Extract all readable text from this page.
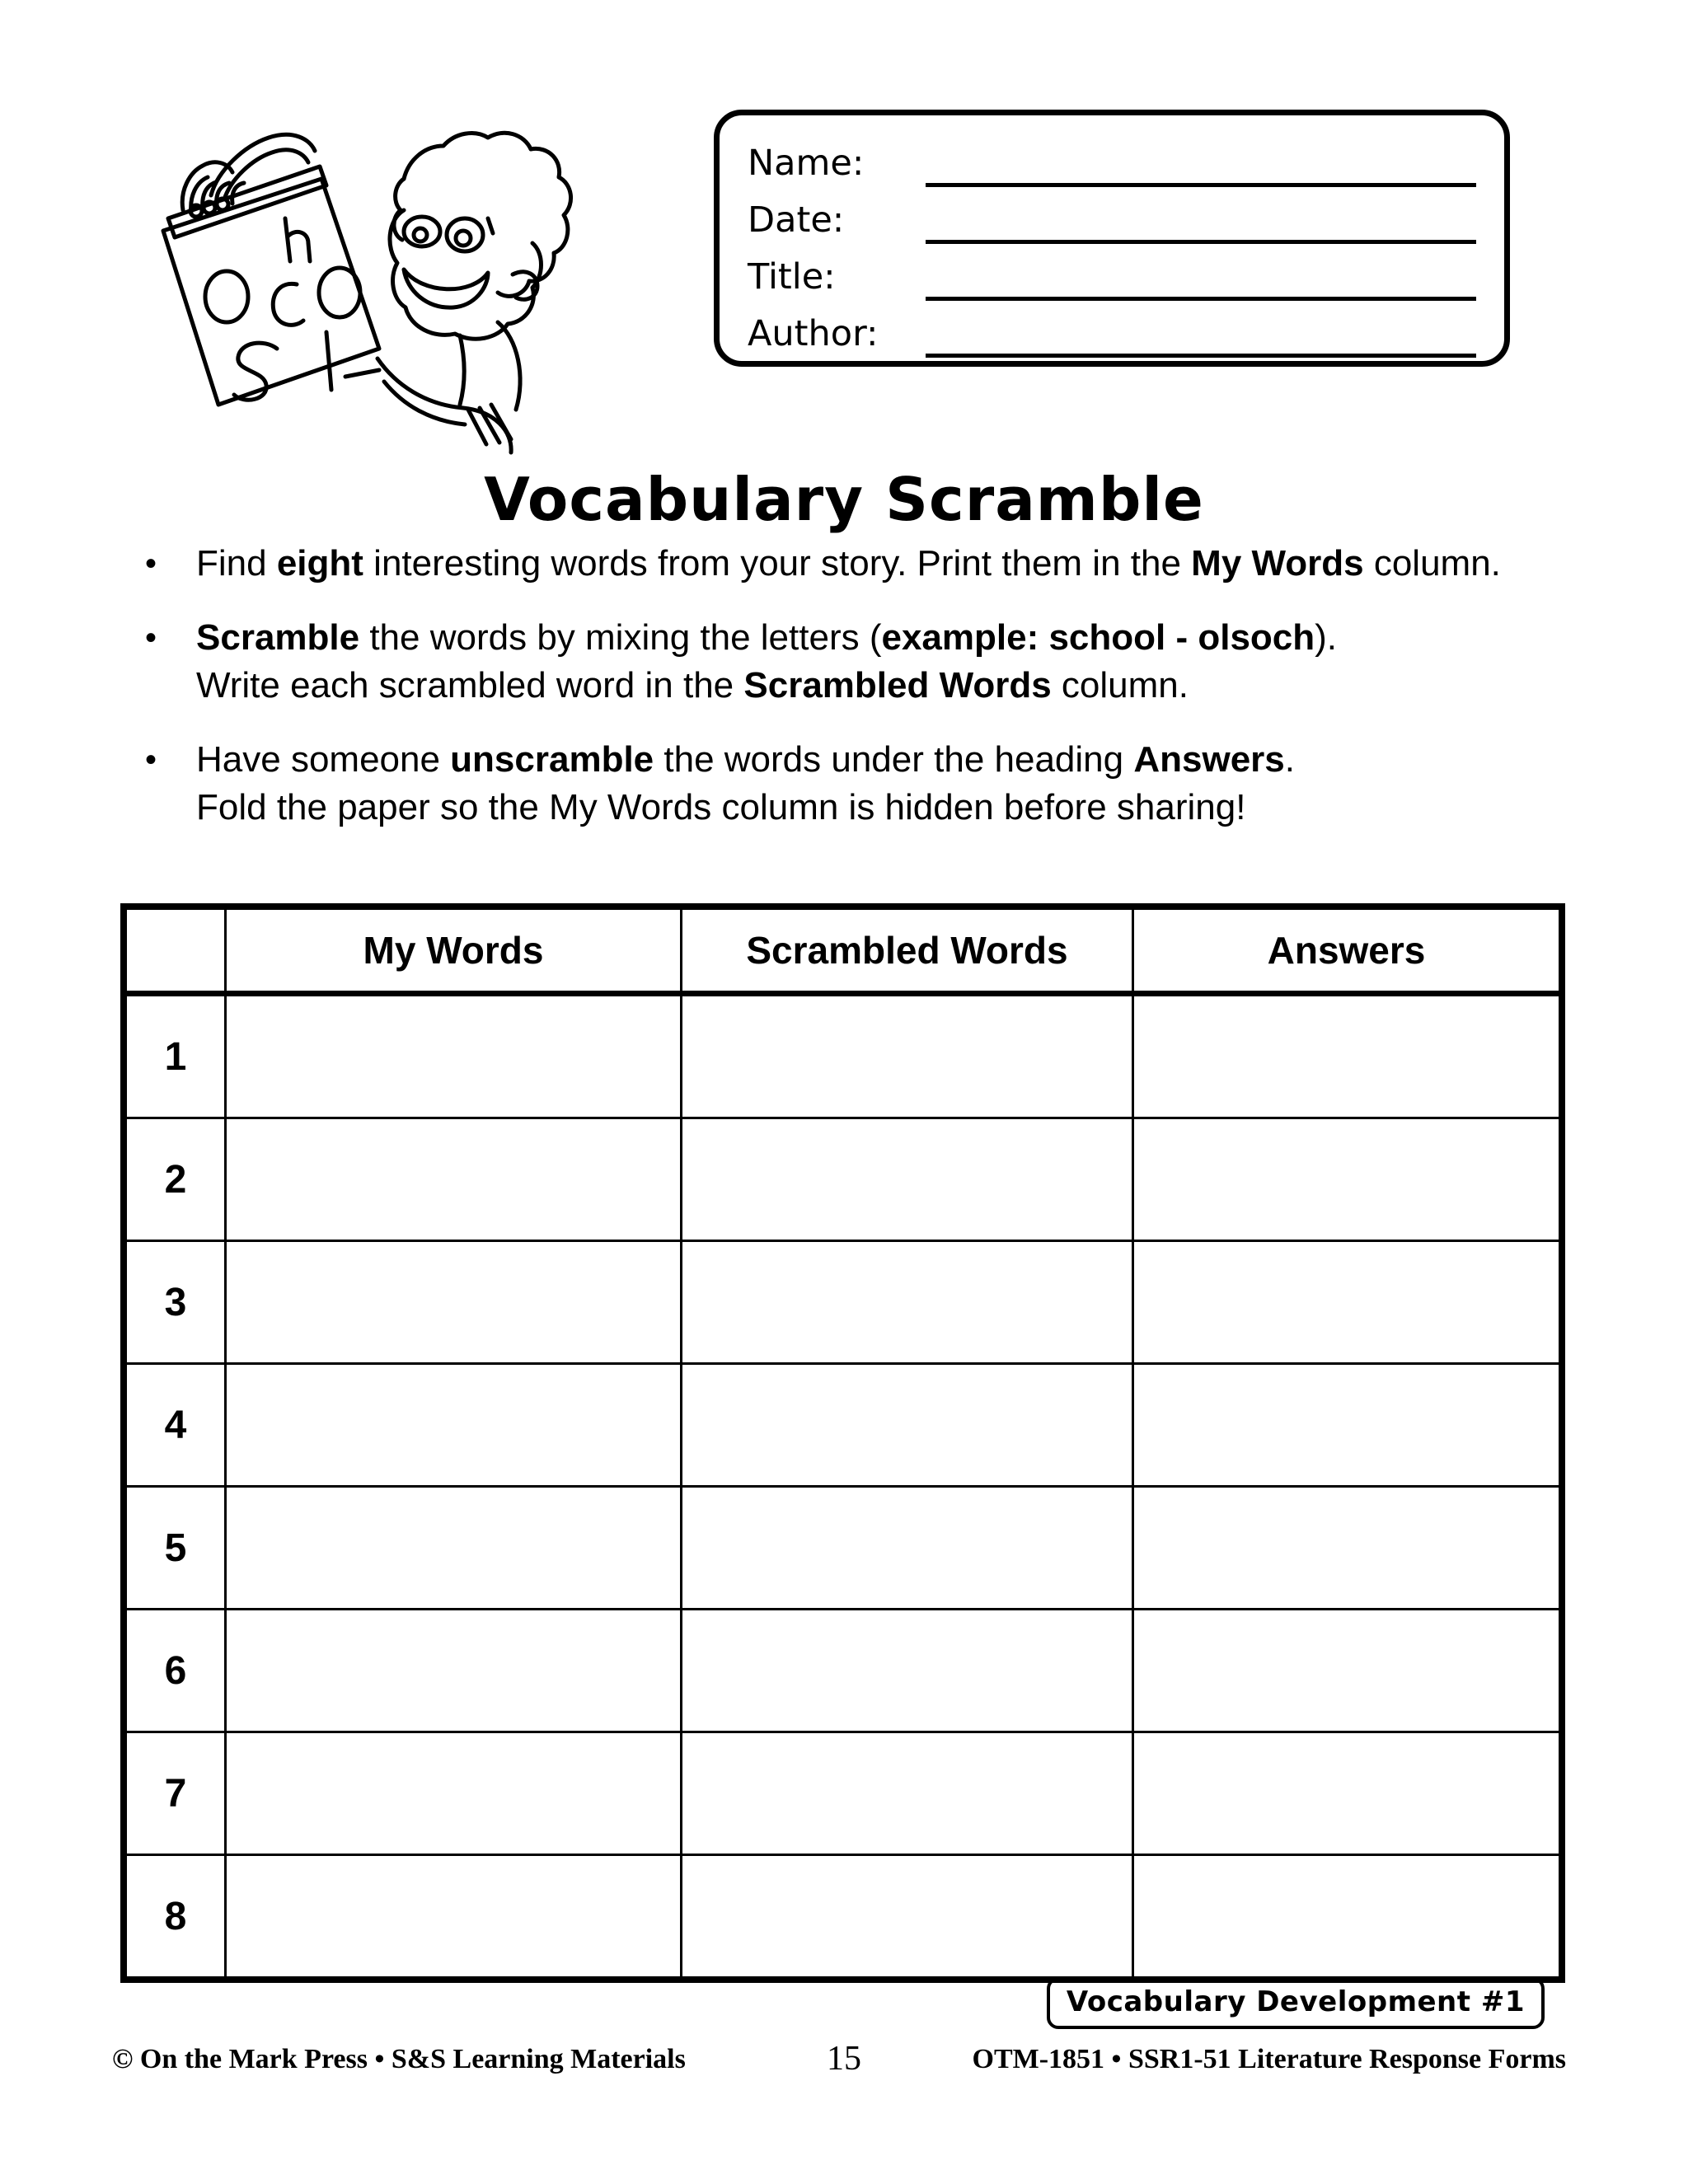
Name:
Date:
Title:
Author:
Vocabulary Scramble
•	Find eight interesting words from your story. Print them in the My Words column.
•	Scramble the words by mixing the letters (example: school - olsoch).
Write each scrambled word in the Scrambled Words column.
•	Have someone unscramble the words under the heading Answers.
Fold the paper so the My Words column is hidden before sharing!
	My Words	Scrambled Words	Answers
1			
2			
3			
4			
5			
6			
7			
8			
Vocabulary Development #1
© On the Mark Press • S&S Learning Materials	15	OTM-1851 • SSR1-51 Literature Response Forms
